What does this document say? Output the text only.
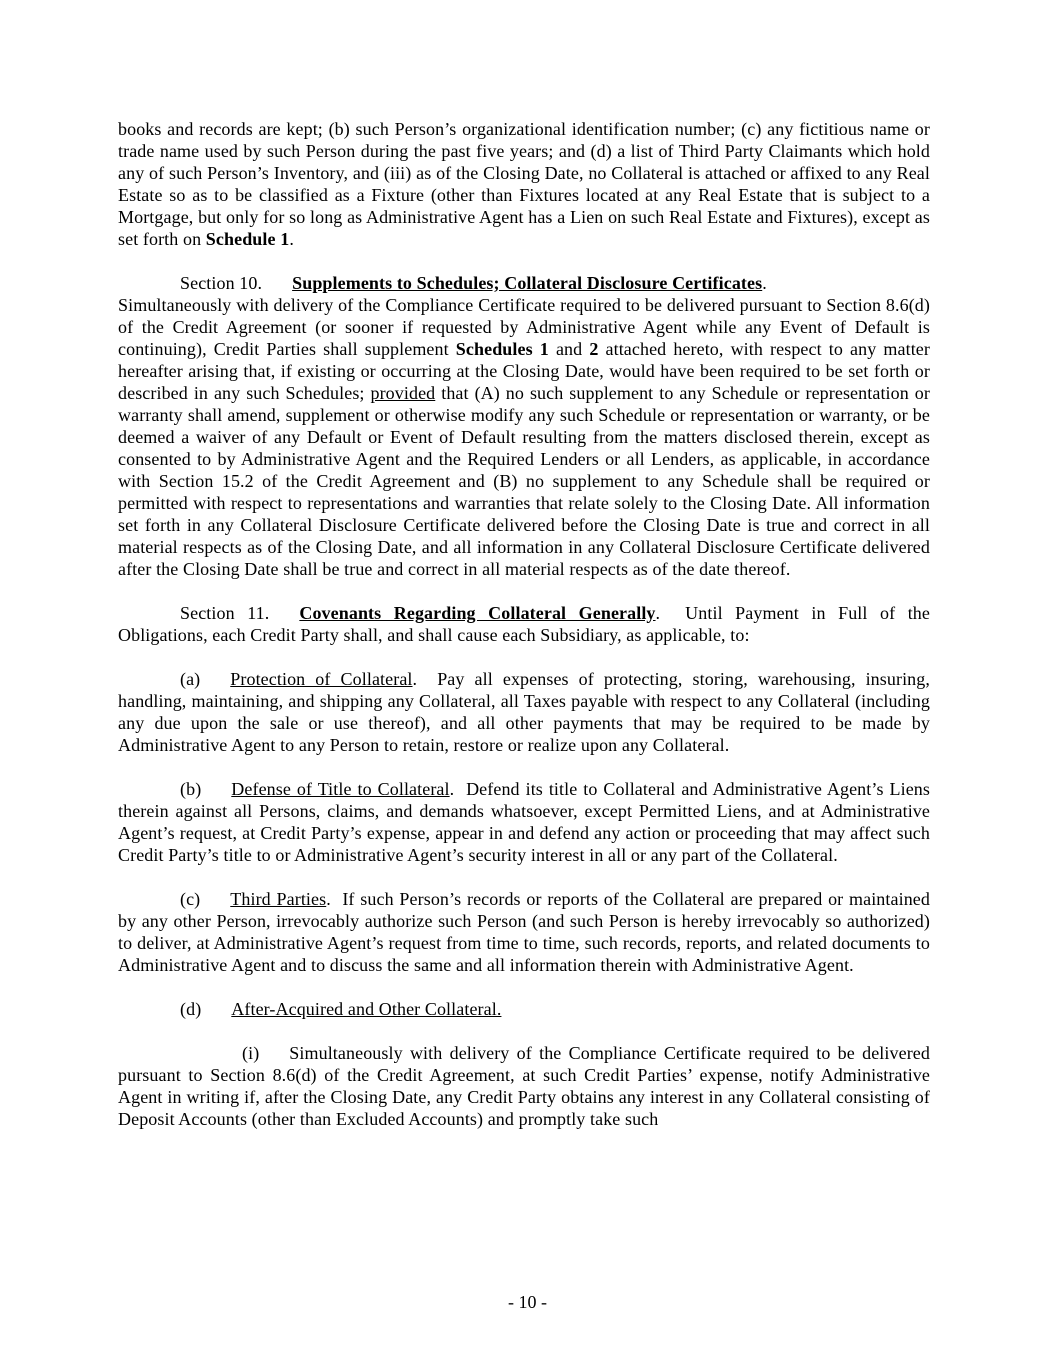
books and records are kept; (b) such Person’s organizational identification number; (c) any fictitious name or trade name used by such Person during the past five years; and (d) a list of Third Party Claimants which hold any of such Person’s Inventory, and (iii) as of the Closing Date, no Collateral is attached or affixed to any Real Estate so as to be classified as a Fixture (other than Fixtures located at any Real Estate that is subject to a Mortgage, but only for so long as Administrative Agent has a Lien on such Real Estate and Fixtures), except as set forth on Schedule 1.

Section 10. Supplements to Schedules; Collateral Disclosure Certificates.
Simultaneously with delivery of the Compliance Certificate required to be delivered pursuant to Section 8.6(d) of the Credit Agreement (or sooner if requested by Administrative Agent while any Event of Default is continuing), Credit Parties shall supplement Schedules 1 and 2 attached hereto, with respect to any matter hereafter arising that, if existing or occurring at the Closing Date, would have been required to be set forth or described in any such Schedules; provided that (A) no such supplement to any Schedule or representation or warranty shall amend, supplement or otherwise modify any such Schedule or representation or warranty, or be deemed a waiver of any Default or Event of Default resulting from the matters disclosed therein, except as consented to by Administrative Agent and the Required Lenders or all Lenders, as applicable, in accordance with Section 15.2 of the Credit Agreement and (B) no supplement to any Schedule shall be required or permitted with respect to representations and warranties that relate solely to the Closing Date. All information set forth in any Collateral Disclosure Certificate delivered before the Closing Date is true and correct in all material respects as of the Closing Date, and all information in any Collateral Disclosure Certificate delivered after the Closing Date shall be true and correct in all material respects as of the date thereof.

Section 11. Covenants Regarding Collateral Generally.  Until Payment in Full of the Obligations, each Credit Party shall, and shall cause each Subsidiary, as applicable, to:

(a) Protection of Collateral.  Pay all expenses of protecting, storing, warehousing, insuring, handling, maintaining, and shipping any Collateral, all Taxes payable with respect to any Collateral (including any due upon the sale or use thereof), and all other payments that may be required to be made by Administrative Agent to any Person to retain, restore or realize upon any Collateral.

(b) Defense of Title to Collateral.  Defend its title to Collateral and Administrative Agent’s Liens therein against all Persons, claims, and demands whatsoever, except Permitted Liens, and at Administrative Agent’s request, at Credit Party’s expense, appear in and defend any action or proceeding that may affect such Credit Party’s title to or Administrative Agent’s security interest in all or any part of the Collateral.

(c) Third Parties.  If such Person’s records or reports of the Collateral are prepared or maintained by any other Person, irrevocably authorize such Person (and such Person is hereby irrevocably so authorized) to deliver, at Administrative Agent’s request from time to time, such records, reports, and related documents to Administrative Agent and to discuss the same and all information therein with Administrative Agent.

(d) After-Acquired and Other Collateral.

(i) Simultaneously with delivery of the Compliance Certificate required to be delivered pursuant to Section 8.6(d) of the Credit Agreement, at such Credit Parties’ expense, notify Administrative Agent in writing if, after the Closing Date, any Credit Party obtains any interest in any Collateral consisting of Deposit Accounts (other than Excluded Accounts) and promptly take such

- 10 -
